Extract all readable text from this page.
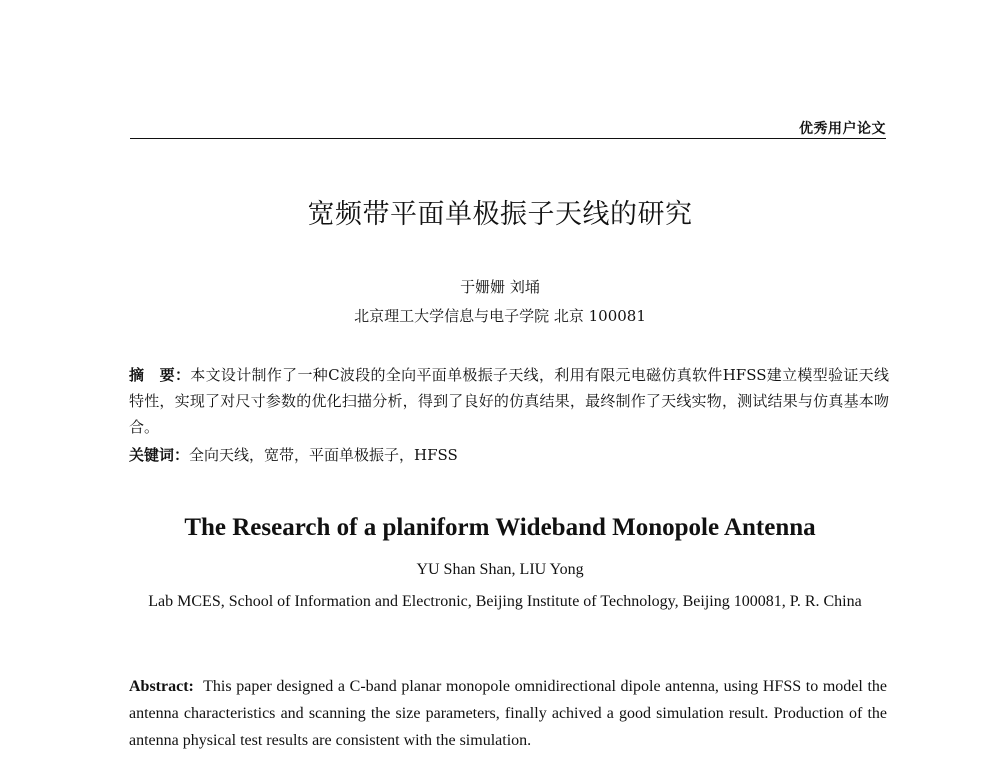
优秀用户论文
宽频带平面单极振子天线的研究
于姗姗 刘埇
北京理工大学信息与电子学院 北京 100081
摘　要：本文设计制作了一种C波段的全向平面单极振子天线，利用有限元电磁仿真软件HFSS建立模型验证天线特性，实现了对尺寸参数的优化扫描分析，得到了良好的仿真结果，最终制作了天线实物，测试结果与仿真基本吻合。
关键词：全向天线，宽带，平面单极振子，HFSS
The Research of a planiform Wideband Monopole Antenna
YU Shan Shan, LIU Yong
Lab MCES, School of Information and Electronic, Beijing Institute of Technology, Beijing 100081, P. R. China
Abstract: This paper designed a C-band planar monopole omnidirectional dipole antenna, using HFSS to model the antenna characteristics and scanning the size parameters, finally achived a good simulation result. Production of the antenna physical test results are consistent with the simulation.
